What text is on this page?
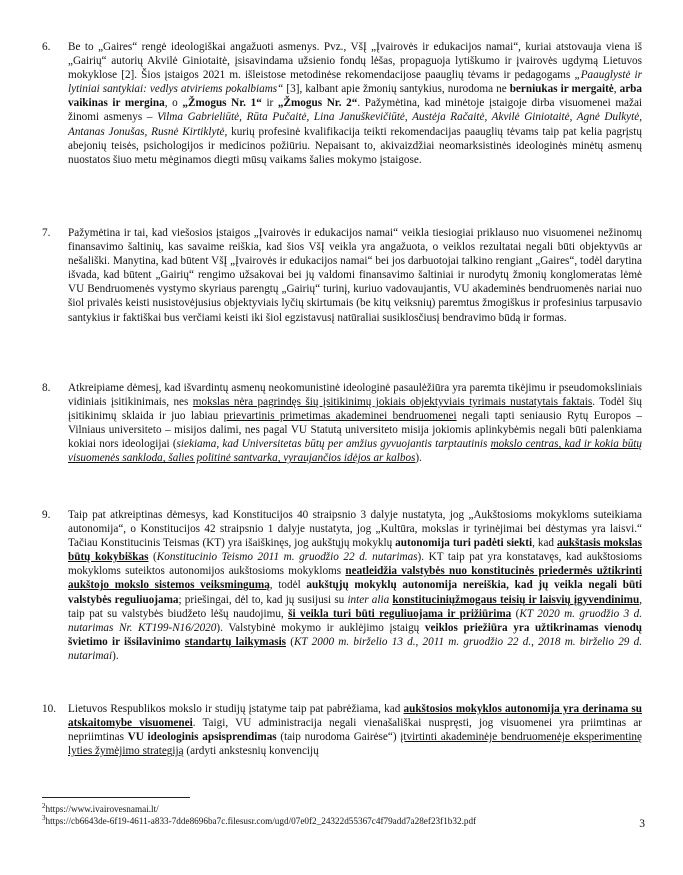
6.	Be to „Gaires“ rengė ideologiškai angažuoti asmenys. Pvz., VšĮ „Įvairovės ir edukacijos namai“, kuriai atstovauja viena iš „Gairių“ autorių Akvilė Giniotaitė, įsisavindama užsienio fondų lėšas, propaguoja lytiškumo ir įvairovės ugdymą Lietuvos mokyklose [2]. Šios įstaigos 2021 m. išleistose metodinėse rekomendacijose paauglių tėvams ir pedagogams „Paauglystė ir lytiniai santykiai: vedlys atviriems pokalbiams“ [3], kalbant apie žmonių santykius, nurodoma ne berniukas ir mergaitė, arba vaikinas ir mergina, o „Žmogus Nr. 1“ ir „Žmogus Nr. 2“. Pažymėtina, kad minėtoje įstaigoje dirba visuomenei mažai žinomi asmenys – Vilma Gabrieliūtė, Rūta Pučaitė, Lina Januškevičiūtė, Austėja Račaitė, Akvilė Giniotaitė, Agnė Dulkytė, Antanas Jonušas, Rusnė Kirtiklytė, kurių profesinė kvalifikacija teikti rekomendacijas paauglių tėvams taip pat kelia pagrįstų abejonių teisės, psichologijos ir medicinos požiūriu. Nepaisant to, akivaizdžiai neomarksistinės ideologinės minėtų asmenų nuostatos šiuo metu mėginamos diegti mūsų vaikams šalies mokymo įstaigose.
7.	Pažymėtina ir tai, kad viešosios įstaigos „Įvairovės ir edukacijos namai“ veikla tiesiogiai priklauso nuo visuomenei nežinomų finansavimo šaltinių, kas savaime reiškia, kad šios VšĮ veikla yra angažuota, o veiklos rezultatai negali būti objektyvūs ar nešališki. Manytina, kad būtent VšĮ „Įvairovės ir edukacijos namai“ bei jos darbuotojai talkino rengiant „Gaires“, todėl darytina išvada, kad būtent „Gairių“ rengimo užsakovai bei jų valdomi finansavimo šaltiniai ir nurodytų žmonių konglomeratas lėmė VU Bendruomenės vystymo skyriaus parengtų „Gairių“ turinį, kuriuo vadovaujantis, VU akademinės bendruomenės nariai nuo šiol privalės keisti nusistovėjusius objektyviais lyčių skirtumais (be kitų veiksnių) paremtus žmogiškus ir profesinius tarpusavio santykius ir faktiškai bus verčiami keisti iki šiol egzistavusį natūraliai susiklosčiusį bendravimo būdą ir formas.
8.	Atkreipiame dėmesį, kad išvardintų asmenų neokomunistinė ideologinė pasaulėžiūra yra paremta tikėjimu ir pseudomoksliniais vidiniais įsitikinimais, nes mokslas nėra pagrindęs šių įsitikinimų jokiais objektyviais tyrimais nustatytais faktais. Todėl šių įsitikinimų sklaida ir juo labiau prievartinis primetimas akademinei bendruomenei negali tapti seniausio Rytų Europos – Vilniaus universiteto – misijos dalimi, nes pagal VU Statutą universiteto misija jokiomis aplinkybėmis negali būti palenkiama kokiai nors ideologijai (siekiama, kad Universitetas būtų per amžius gyvuojantis tarptautinis mokslo centras, kad ir kokia būtų visuomenės sankloda, šalies politinė santvarka, vyraujančios idėjos ar kalbos).
9.	Taip pat atkreiptinas dėmesys, kad Konstitucijos 40 straipsnio 3 dalyje nustatyta, jog „Aukštosioms mokykloms suteikiama autonomija“, o Konstitucijos 42 straipsnio 1 dalyje nustatyta, jog „Kultūra, mokslas ir tyrinėjimai bei dėstymas yra laisvi.“ Tačiau Konstitucinis Teismas (KT) yra išaiškinęs, jog aukštųjų mokyklų autonomija turi padėti siekti, kad aukštasis mokslas būtų kokybiškas (Konstitucinio Teismo 2011 m. gruodžio 22 d. nutarimas). KT taip pat yra konstatavęs, kad aukštosioms mokykloms suteiktos autonomijos aukštosioms mokykloms neatleidžia valstybės nuo konstitucinės priedermės užtikrinti aukštojo mokslo sistemos veiksmingumą, todėl aukštųjų mokyklų autonomija nereiškia, kad jų veikla negali būti valstybės reguliuojama; priešingai, dėl to, kad jų susijusi su inter alia konstituciniųžmogaus teisių ir laisvių įgyvendinimu, taip pat su valstybės biudžeto lėšų naudojimu, ši veikla turi būti reguliuojama ir prižiūrima (KT 2020 m. gruodžio 3 d. nutarimas Nr. KT199-N16/2020). Valstybinė mokymo ir auklėjimo įstaigų veiklos priežiūra yra užtikrinamas vienodų švietimo ir išsilavinimo standartų laikymasis (KT 2000 m. birželio 13 d., 2011 m. gruodžio 22 d., 2018 m. birželio 29 d. nutarimai).
10.	Lietuvos Respublikos mokslo ir studijų įstatyme taip pat pabrėžiama, kad aukštosios mokyklos autonomija yra derinama su atskaitomybe visuomenei. Taigi, VU administracija negali vienašališkai nuspręsti, jog visuomenei yra priimtinas ar nepriimtinas VU ideologinis apsisprendimas (taip nurodoma Gairėse“) įtvirtinti akademinėje bendruomenėje eksperimentinę lyties žymėjimo strategiją (ardyti ankstesnių konvencijų
$^2$https://www.ivairovesnamai.lt/
$^3$https://cb6643de-6f19-4611-a833-7dde8696ba7c.filesusr.com/ugd/07e0f2_24322d55367c4f79add7a28ef23f1b32.pdf	3
